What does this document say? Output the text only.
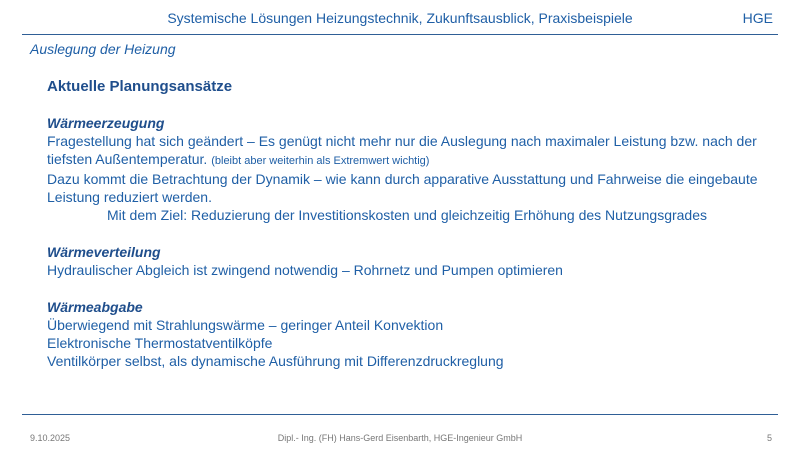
Systemische Lösungen Heizungstechnik, Zukunftsausblick, Praxisbeispiele	HGE
Auslegung der Heizung
Aktuelle Planungsansätze
Wärmeerzeugung
Fragestellung hat sich geändert – Es genügt nicht mehr nur die Auslegung nach maximaler Leistung bzw. nach der
tiefsten Außentemperatur. (bleibt aber weiterhin als Extremwert wichtig)
Dazu kommt die Betrachtung der Dynamik – wie kann durch apparative Ausstattung und Fahrweise die eingebaute
Leistung reduziert werden.
Mit dem Ziel: Reduzierung der Investitionskosten und gleichzeitig Erhöhung des Nutzungsgrades
Wärmeverteilung
Hydraulischer Abgleich ist zwingend notwendig – Rohrnetz und Pumpen optimieren
Wärmeabgabe
Überwiegend mit Strahlungswärme – geringer Anteil Konvektion
Elektronische Thermostatventilköpfe
Ventilkörper selbst, als dynamische Ausführung mit Differenzdruckreglung
Dipl.- Ing. (FH) Hans-Gerd Eisenbarth, HGE-Ingenieur GmbH
9.10.2025	5
